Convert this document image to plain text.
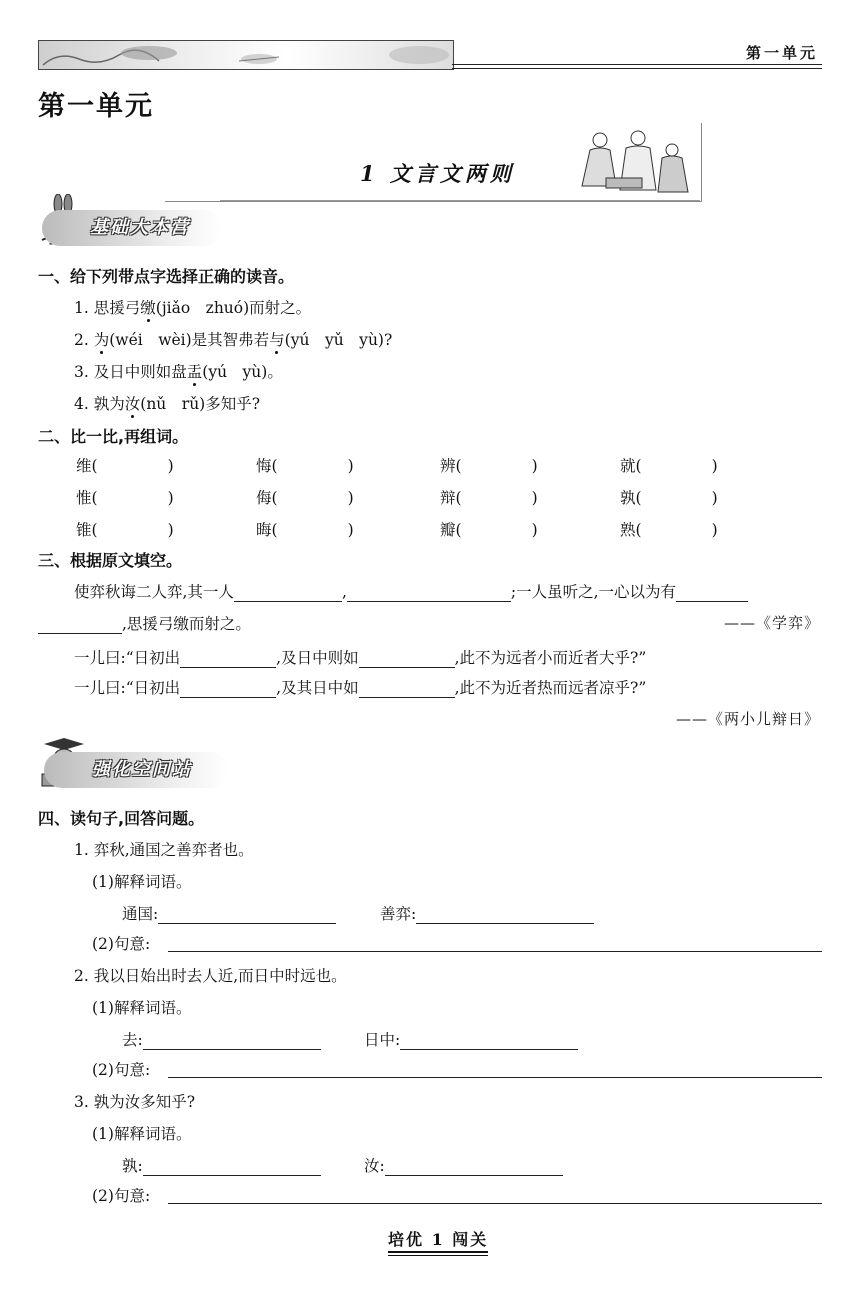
第一单元
第一单元
1 文言文两则
基础大本营
一、给下列带点字选择正确的读音。
1. 思援弓缴(jiǎo　zhuó)而射之。
2. 为(wéi　wèi)是其智弗若与(yú　yǔ　yù)?
3. 及日中则如盘盂(yú　yù)。
4. 孰为汝(nǔ　rǔ)多知乎?
二、比一比,再组词。
维(	)	悔(	)	辨(	)	就(	)
惟(	)	侮(	)	辩(	)	孰(	)
锥(	)	晦(	)	瓣(	)	熟(	)
三、根据原文填空。
使弈秋诲二人弈,其一人	,	;一人虽听之,一心以为有
,思援弓缴而射之。	——《学弈》
一儿曰:“日初出	,及日中则如	,此不为远者小而近者大乎?”
一儿曰:“日初出	,及其日中如	,此不为近者热而远者凉乎?”
——《两小儿辩日》
强化空间站
四、读句子,回答问题。
1. 弈秋,通国之善弈者也。
(1)解释词语。
通国:	善弈:
(2)句意:
2. 我以日始出时去人近,而日中时远也。
(1)解释词语。
去:	日中:
(2)句意:
3. 孰为汝多知乎?
(1)解释词语。
孰:	汝:
(2)句意:
培优 1 闯关
